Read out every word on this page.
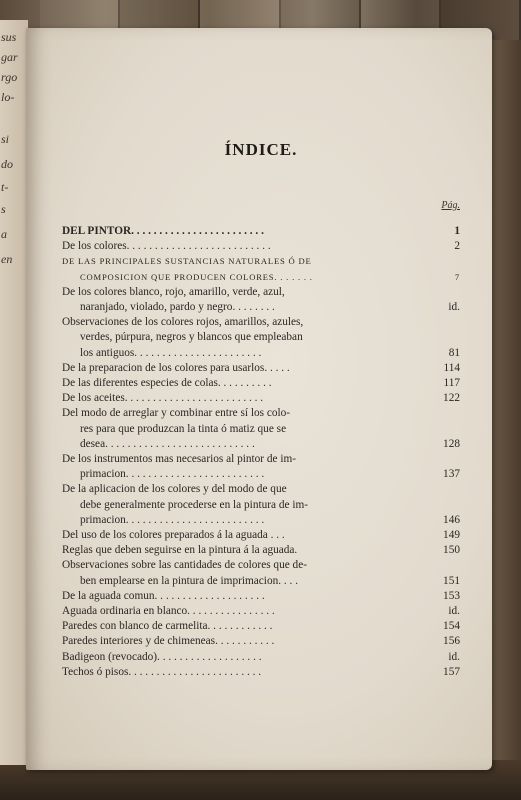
sus
gar
rgo
lo-
si
do
t-
s
a
en
ÍNDICE.
Pág.
DEL PINTOR. . . . . . . . . . . . . . . . . . . . . . . .	1
De los colores. . . . . . . . . . . . . . . . . . . . . . . . . .	2
DE LAS PRINCIPALES SUSTANCIAS NATURALES Ó DE
COMPOSICION QUE PRODUCEN COLORES. . . . . . .	7
De los colores blanco, rojo, amarillo, verde, azul,
naranjado, violado, pardo y negro. . . . . . . .	id.
Observaciones de los colores rojos, amarillos, azules,
verdes, púrpura, negros y blancos que empleaban
los antiguos. . . . . . . . . . . . . . . . . . . . . . .	81
De la preparacion de los colores para usarlos. . . . .	114
De las diferentes especies de colas. . . . . . . . . .	117
De los aceites. . . . . . . . . . . . . . . . . . . . . . . . .	122
Del modo de arreglar y combinar entre sí los colo-
res para que produzcan la tinta ó matiz que se
desea. . . . . . . . . . . . . . . . . . . . . . . . . . .	128
De los instrumentos mas necesarios al pintor de im-
primacion. . . . . . . . . . . . . . . . . . . . . . . . .	137
De la aplicacion de los colores y del modo de que
debe generalmente procederse en la pintura de im-
primacion. . . . . . . . . . . . . . . . . . . . . . . . .	146
Del uso de los colores preparados á la aguada . . .	149
Reglas que deben seguirse en la pintura á la aguada.	150
Observaciones sobre las cantidades de colores que de-
ben emplearse en la pintura de imprimacion. . . .	151
De la aguada comun. . . . . . . . . . . . . . . . . . . .	153
Aguada ordinaria en blanco. . . . . . . . . . . . . . . .	id.
Paredes con blanco de carmelita. . . . . . . . . . . .	154
Paredes interiores y de chimeneas. . . . . . . . . . .	156
Badigeon (revocado). . . . . . . . . . . . . . . . . . .	id.
Techos ó pisos. . . . . . . . . . . . . . . . . . . . . . . .	157
